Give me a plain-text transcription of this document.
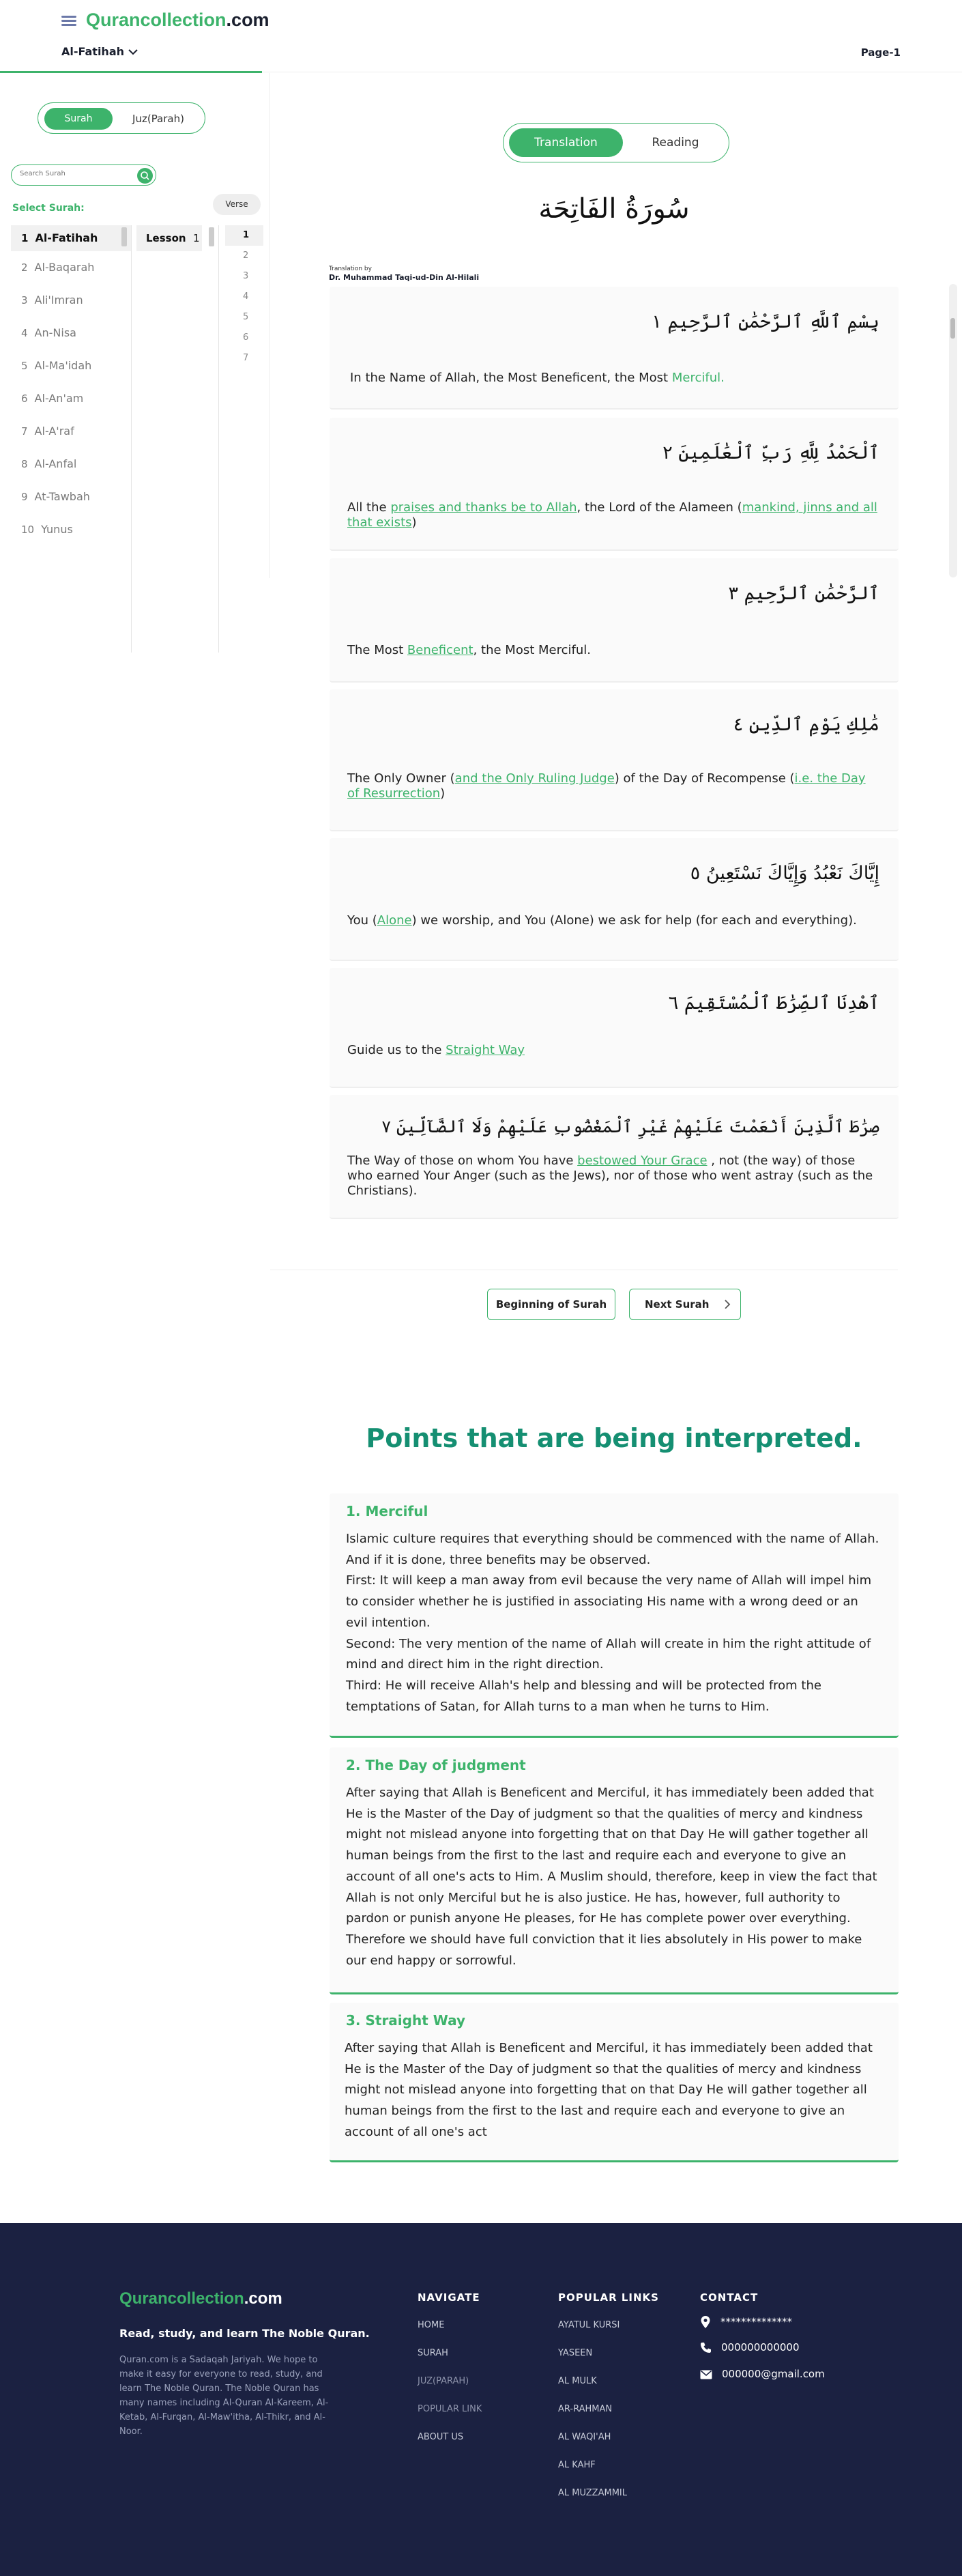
Qurancollection.com
Al-Fatihah	Page-1
Surah	Juz(Parah)
Search Surah
Select Surah:	Verse
1 Al-Fatihah
2 Al-Baqarah
3 Ali'Imran
4 An-Nisa
5 Al-Ma'idah
6 Al-An'am
7 Al-A'raf
8 Al-Anfal
9 At-Tawbah
10 Yunus
Lesson 1	1
2
3
4
5
6
7
Translation	Reading
سُورَةُ الفَاتِحَة
Translation by
Dr. Muhammad Taqi-ud-Din Al-Hilali
بِسْمِ ٱللَّهِ ٱلرَّحْمَٰنِ ٱلرَّحِيمِ ١
In the Name of Allah, the Most Beneficent, the Most Merciful.
ٱلْحَمْدُ لِلَّهِ رَبِّ ٱلْعَٰلَمِينَ ٢
All the praises and thanks be to Allah, the Lord of the Alameen (mankind, jinns and all that exists)
ٱلرَّحْمَٰنِ ٱلرَّحِيمِ ٣
The Most Beneficent, the Most Merciful.
مَٰلِكِ يَوْمِ ٱلدِّينِ ٤
The Only Owner (and the Only Ruling Judge) of the Day of Recompense (i.e. the Day of Resurrection)
إِيَّاكَ نَعْبُدُ وَإِيَّاكَ نَسْتَعِينُ ٥
You (Alone) we worship, and You (Alone) we ask for help (for each and everything).
ٱهْدِنَا ٱلصِّرَٰطَ ٱلْمُسْتَقِيمَ ٦
Guide us to the Straight Way
صِرَٰطَ ٱلَّذِينَ أَنْعَمْتَ عَلَيْهِمْ غَيْرِ ٱلْمَغْضُوبِ عَلَيْهِمْ وَلَا ٱلضَّآلِّينَ ٧
The Way of those on whom You have bestowed Your Grace , not (the way) of those who earned Your Anger (such as the Jews), nor of those who went astray (such as the Christians).
Beginning of Surah	Next Surah
Points that are being interpreted.
1. Merciful

Islamic culture requires that everything should be commenced with the name of Allah. And if it is done, three benefits may be observed.

First: It will keep a man away from evil because the very name of Allah will impel him to consider whether he is justified in associating His name with a wrong deed or an evil intention.

Second: The very mention of the name of Allah will create in him the right attitude of mind and direct him in the right direction.

Third: He will receive Allah's help and blessing and will be protected from the temptations of Satan, for Allah turns to a man when he turns to Him.

2. The Day of judgment

After saying that Allah is Beneficent and Merciful, it has immediately been added that He is the Master of the Day of judgment so that the qualities of mercy and kindness might not mislead anyone into forgetting that on that Day He will gather together all human beings from the first to the last and require each and everyone to give an account of all one's acts to Him. A Muslim should, therefore, keep in view the fact that Allah is not only Merciful but he is also justice. He has, however, full authority to pardon or punish anyone He pleases, for He has complete power over everything. Therefore we should have full conviction that it lies absolutely in His power to make our end happy or sorrowful.

3. Straight Way

After saying that Allah is Beneficent and Merciful, it has immediately been added that He is the Master of the Day of judgment so that the qualities of mercy and kindness might not mislead anyone into forgetting that on that Day He will gather together all human beings from the first to the last and require each and everyone to give an account of all one's act

Qurancollection.com
Read, study, and learn The Noble Quran.
Quran.com is a Sadaqah Jariyah. We hope to make it easy for everyone to read, study, and learn The Noble Quran. The Noble Quran has many names including Al-Quran Al-Kareem, Al-Ketab, Al-Furqan, Al-Maw'itha, Al-Thikr, and Al-Noor.
NAVIGATE
HOME
SURAH
JUZ(PARAH)
POPULAR LINK
ABOUT US
POPULAR LINKS
AYATUL KURSI
YASEEN
AL MULK
AR-RAHMAN
AL WAQI'AH
AL KAHF
AL MUZZAMMIL
CONTACT
**************
000000000000
000000@gmail.com
